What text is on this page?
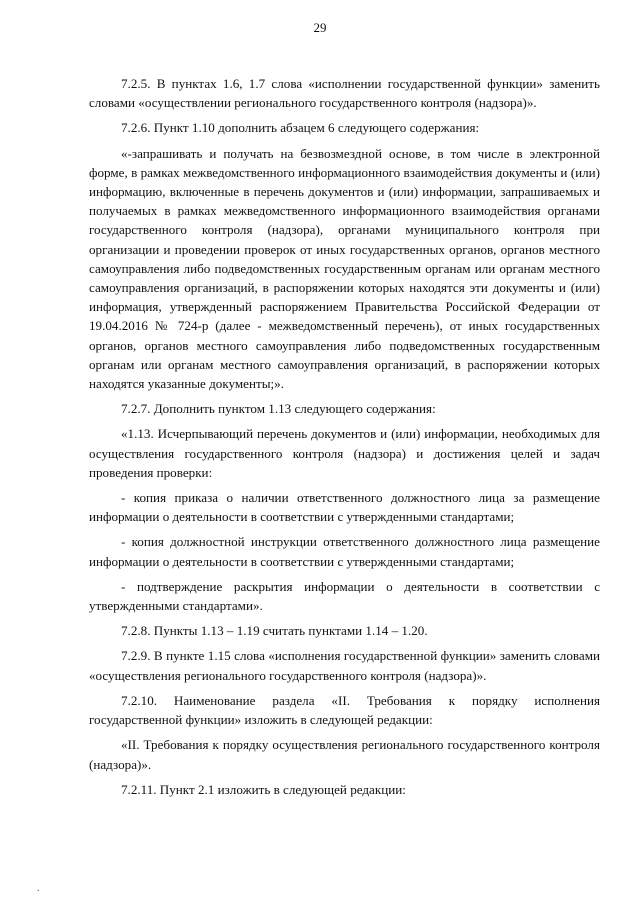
29

7.2.5. В пунктах 1.6, 1.7 слова «исполнении государственной функции» заменить словами «осуществлении регионального государственного контроля (надзора)».

7.2.6. Пункт 1.10 дополнить абзацем 6 следующего содержания:

«-запрашивать и получать на безвозмездной основе, в том числе в электронной форме, в рамках межведомственного информационного взаимодействия документы и (или) информацию, включенные в перечень документов и (или) информации, запрашиваемых и получаемых в рамках межведомственного информационного взаимодействия органами государственного контроля (надзора), органами муниципального контроля при организации и проведении проверок от иных государственных органов, органов местного самоуправления либо подведомственных государственным органам или органам местного самоуправления организаций, в распоряжении которых находятся эти документы и (или) информация, утвержденный распоряжением Правительства Российской Федерации от 19.04.2016 № 724-р (далее - межведомственный перечень), от иных государственных органов, органов местного самоуправления либо подведомственных государственным органам или органам местного самоуправления организаций, в распоряжении которых находятся указанные документы;».

7.2.7. Дополнить пунктом 1.13 следующего содержания:

«1.13. Исчерпывающий перечень документов и (или) информации, необходимых для осуществления государственного контроля (надзора) и достижения целей и задач проведения проверки:

- копия приказа о наличии ответственного должностного лица за размещение информации о деятельности в соответствии с утвержденными стандартами;

- копия должностной инструкции ответственного должностного лица размещение информации о деятельности в соответствии с утвержденными стандартами;

- подтверждение раскрытия информации о деятельности в соответствии с утвержденными стандартами».

7.2.8. Пункты 1.13 – 1.19 считать пунктами 1.14 – 1.20.

7.2.9. В пункте 1.15 слова «исполнения государственной функции» заменить словами «осуществления регионального государственного контроля (надзора)».

7.2.10. Наименование раздела «II. Требования к порядку исполнения государственной функции» изложить в следующей редакции:

«II. Требования к порядку осуществления регионального государственного контроля (надзора)».

7.2.11. Пункт 2.1 изложить в следующей редакции:

.
